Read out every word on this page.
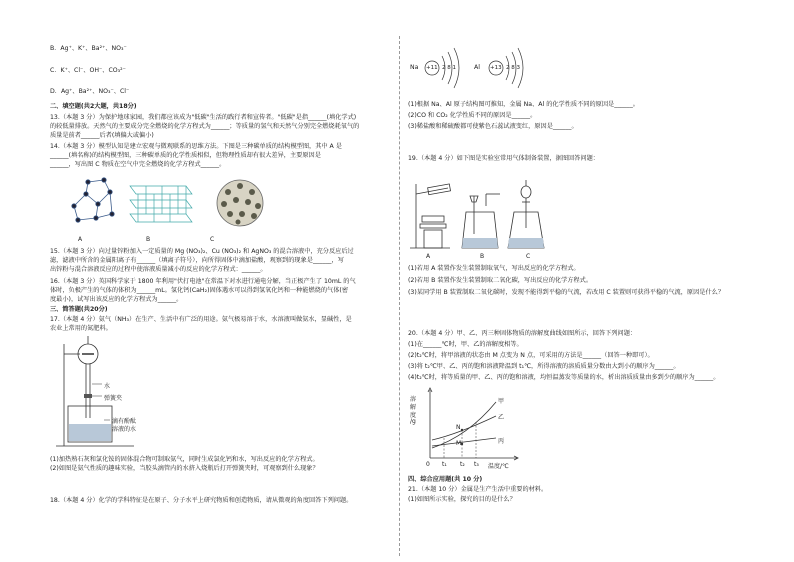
B．Ag⁺、K⁺、Ba²⁺、NO₃⁻
C．K⁺、Cl⁻、OH⁻、CO₃²⁻
D．Ag⁺、Ba²⁺、NO₃⁻、Cl⁻
二、填空题(共2大题，共18分)
13.（本题 3 分）为保护地球家园，我们都应该成为"低碳"生活的践行者和宣传者。"低碳"是指______(填化学式)
的较低量排放。天然气的主要成分完全燃烧的化学方程式为______；等质量的氢气和天然气分别完全燃烧耗氧气的
质量是前者______后者(填偏大或偏小)
14.（本题 3 分）模型认知是建立宏观与微观联系的思维方法。下图是三种碳单质的结构模型图，其中 A 是
______(填名称)的结构模型图，三种碳单质的化学性质相似，但物理性质却有很大差异，主要原因是
______，写出图 C 物质在空气中完全燃烧的化学方程式______。
A	B	C
15.（本题 3 分）向过量锌粉加入一定质量的 Mg (NO₃)₂、Cu (NO₃)₂ 和 AgNO₃ 的混合溶液中，充分反应后过
滤，滤液中所含的金属阳离子有______（填离子符号），向所得固体中滴加盐酸，观察到的现象是______，写
出锌粉与混合溶液反应的过程中使溶液质量减小的反应的化学方程式：______。
16.（本题 3 分）英国科学家于 1800 年利用"伏打电池"在常温下对水进行通电分解，当正极产生了 10mL 的气
体时，负极产生的气体的体积为______mL。氢化钙(CaH₂)固体遇水可以得到氢氧化钙和一种能燃烧的气体(密
度最小)，试写出该反应的化学方程式为______。
三、简答题(共20分)
17.（本题 4 分）氨气（NH₃）在生产、生活中有广泛的用途。氨气极易溶于水，水溶液叫做氨水，显碱性，是
农业上常用的氮肥料。
水
弹簧夹
滴有酚酞
溶液的水
(1)加热熟石灰和氯化铵的固体混合物可制取氨气，同时生成氯化钙和水，写出反应的化学方程式。
(2)如图是氨气性质的趣味实验，当胶头滴管内的水挤入烧瓶后打开弹簧夹时，可观察到什么现象？
18.（本题 4 分）化学的学科特征是在原子、分子水平上研究物质和创造物质，请从微观的角度回答下列问题。
Na +11 2 8 1	Al +13 2 8 3
(1)根据 Na、Al 原子结构图可推知，金属 Na、Al 的化学性质不同的原因是______。
(2)CO 和 CO₂ 化学性质不同的原因是______。
(3)稀盐酸和稀硫酸都可使紫色石蕊试液变红，原因是______。
19.（本题 4 分）如下图是实验室常用气体制备装置，据图回答问题：
A	B	C
(1)若用 A 装置作发生装置制取氧气，写出反应的化学方程式。
(2)若用 B 装置作发生装置制取二氧化碳，写出反应的化学方程式。
(3)某同学用 B 装置制取二氧化碳时，发现不能得到平稳的气流，若改用 C 装置则可获得平稳的气流，原因是什么？
20.（本题 4 分）甲、乙、丙三种固体物质的溶解度曲线如图所示，回答下列问题：
(1)在______℃时，甲、乙的溶解度相等。
(2)t₂℃时，将甲溶液的状态由 M 点变为 N 点，可采用的方法是______（回答一种即可）。
(3)将 t₂℃甲、乙、丙的饱和溶液降温到 t₁℃，所得溶液的溶质质量分数由大到小的顺序为______。
(4)t₂℃时，将等质量的甲、乙、丙的饱和溶液，均恒温蒸发等质量的水，析出溶质质量由多到少的顺序为______。
溶
解
度
/g
甲
乙
丙
N
M
0 t₁ t₂ t₃ 温度/℃
四、综合应用题(共 10 分)
21.（本题 10 分）金属是生产生活中重要的材料。
(1)如图所示实验，探究的目的是什么？
